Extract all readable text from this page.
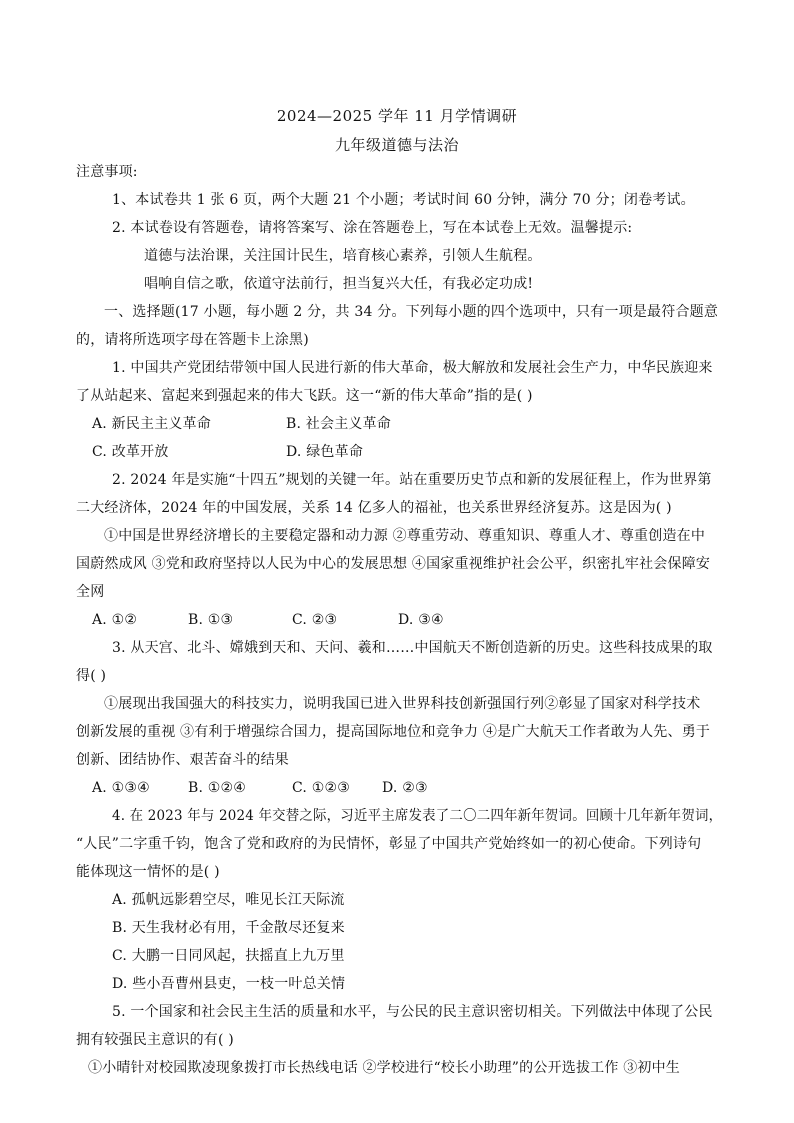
2024—2025 学年 11 月学情调研
九年级道德与法治
注意事项:
1、本试卷共 1 张 6 页，两个大题 21 个小题；考试时间 60 分钟，满分 70 分；闭卷考试。
2. 本试卷设有答题卷，请将答案写、涂在答题卷上，写在本试卷上无效。温馨提示:
道德与法治课，关注国计民生，培育核心素养，引领人生航程。
唱响自信之歌，依道守法前行，担当复兴大任，有我必定功成!
一、选择题(17 小题，每小题 2 分，共 34 分。下列每小题的四个选项中，只有一项是最符合题意
的，请将所选项字母在答题卡上涂黑)
1. 中国共产党团结带领中国人民进行新的伟大革命，极大解放和发展社会生产力，中华民族迎来
了从站起来、富起来到强起来的伟大飞跃。这一“新的伟大革命”指的是( )
A. 新民主主义革命	B. 社会主义革命
C. 改革开放	D. 绿色革命
2. 2024 年是实施“十四五”规划的关键一年。站在重要历史节点和新的发展征程上，作为世界第
二大经济体，2024 年的中国发展，关系 14 亿多人的福祉，也关系世界经济复苏。这是因为( )
①中国是世界经济增长的主要稳定器和动力源 ②尊重劳动、尊重知识、尊重人才、尊重创造在中
国蔚然成风 ③党和政府坚持以人民为中心的发展思想 ④国家重视维护社会公平，织密扎牢社会保障安
全网
A. ①②	B. ①③	C. ②③	D. ③④
3. 从天宫、北斗、嫦娥到天和、天问、羲和……中国航天不断创造新的历史。这些科技成果的取
得( )
①展现出我国强大的科技实力，说明我国已进入世界科技创新强国行列②彰显了国家对科学技术
创新发展的重视 ③有利于增强综合国力，提高国际地位和竞争力 ④是广大航天工作者敢为人先、勇于
创新、团结协作、艰苦奋斗的结果
A. ①③④	B. ①②④	C. ①②③ D. ②③
4. 在 2023 年与 2024 年交替之际，习近平主席发表了二〇二四年新年贺词。回顾十几年新年贺词，
“人民”二字重千钧，饱含了党和政府的为民情怀，彰显了中国共产党始终如一的初心使命。下列诗句
能体现这一情怀的是( )
A. 孤帆远影碧空尽，唯见长江天际流
B. 天生我材必有用，千金散尽还复来
C. 大鹏一日同风起，扶摇直上九万里
D. 些小吾曹州县吏，一枝一叶总关情
5. 一个国家和社会民主生活的质量和水平，与公民的民主意识密切相关。下列做法中体现了公民
拥有较强民主意识的有( )
①小晴针对校园欺凌现象拨打市长热线电话 ②学校进行“校长小助理”的公开选拔工作 ③初中生
